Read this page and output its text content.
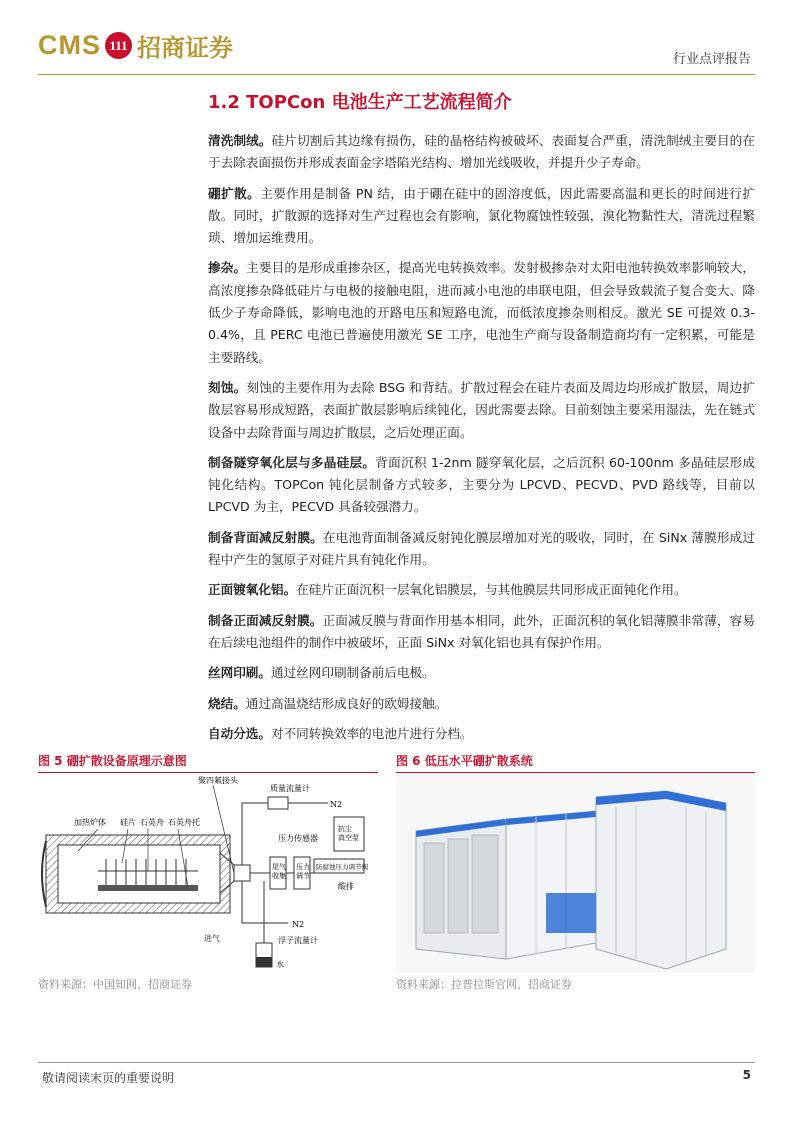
CMS 111 招商证券	行业点评报告
1.2 TOPCon 电池生产工艺流程简介

清洗制绒。硅片切割后其边缘有损伤，硅的晶格结构被破坏、表面复合严重，清洗制绒主要目的在于去除表面损伤并形成表面金字塔陷光结构、增加光线吸收，并提升少子寿命。

硼扩散。主要作用是制备 PN 结，由于硼在硅中的固溶度低，因此需要高温和更长的时间进行扩散。同时，扩散源的选择对生产过程也会有影响，氯化物腐蚀性较强，溴化物黏性大，清洗过程繁琐、增加运维费用。

掺杂。主要目的是形成重掺杂区，提高光电转换效率。发射极掺杂对太阳电池转换效率影响较大，高浓度掺杂降低硅片与电极的接触电阻，进而减小电池的串联电阻，但会导致载流子复合变大、降低少子寿命降低，影响电池的开路电压和短路电流，而低浓度掺杂则相反。激光 SE 可提效 0.3-0.4%，且 PERC 电池已普遍使用激光 SE 工序，电池生产商与设备制造商均有一定积累，可能是主要路线。

刻蚀。刻蚀的主要作用为去除 BSG 和背结。扩散过程会在硅片表面及周边均形成扩散层，周边扩散层容易形成短路，表面扩散层影响后续钝化，因此需要去除。目前刻蚀主要采用湿法，先在链式设备中去除背面与周边扩散层，之后处理正面。

制备隧穿氧化层与多晶硅层。背面沉积 1-2nm 隧穿氧化层，之后沉积 60-100nm 多晶硅层形成钝化结构。TOPCon 钝化层制备方式较多，主要分为 LPCVD、PECVD、PVD 路线等，目前以 LPCVD 为主，PECVD 具备较强潜力。

制备背面减反射膜。在电池背面制备减反射钝化膜层增加对光的吸收，同时，在 SiNx 薄膜形成过程中产生的氢原子对硅片具有钝化作用。

正面镀氧化铝。在硅片正面沉积一层氧化铝膜层，与其他膜层共同形成正面钝化作用。

制备正面减反射膜。正面减反膜与背面作用基本相同，此外，正面沉积的氧化铝薄膜非常薄，容易在后续电池组件的制作中被破坏，正面 SiNx 对氧化铝也具有保护作用。

丝网印刷。通过丝网印刷制备前后电极。

烧结。通过高温烧结形成良好的欧姆接触。

自动分选。对不同转换效率的电池片进行分档。

图 5 硼扩散设备原理示意图
加热炉体 硅片 石英舟 石英舟托
聚四氟接头
质量流量计
N2
抗尘真空泵
压力传感器
尾气收集
压力调节
防腐蚀压力调节阀
酸排
进气
N2
浮子流量计
水
资料来源：中国知网、招商证券
图 6 低压水平硼扩散系统
资料来源：拉普拉斯官网、招商证券
敬请阅读末页的重要说明	5
